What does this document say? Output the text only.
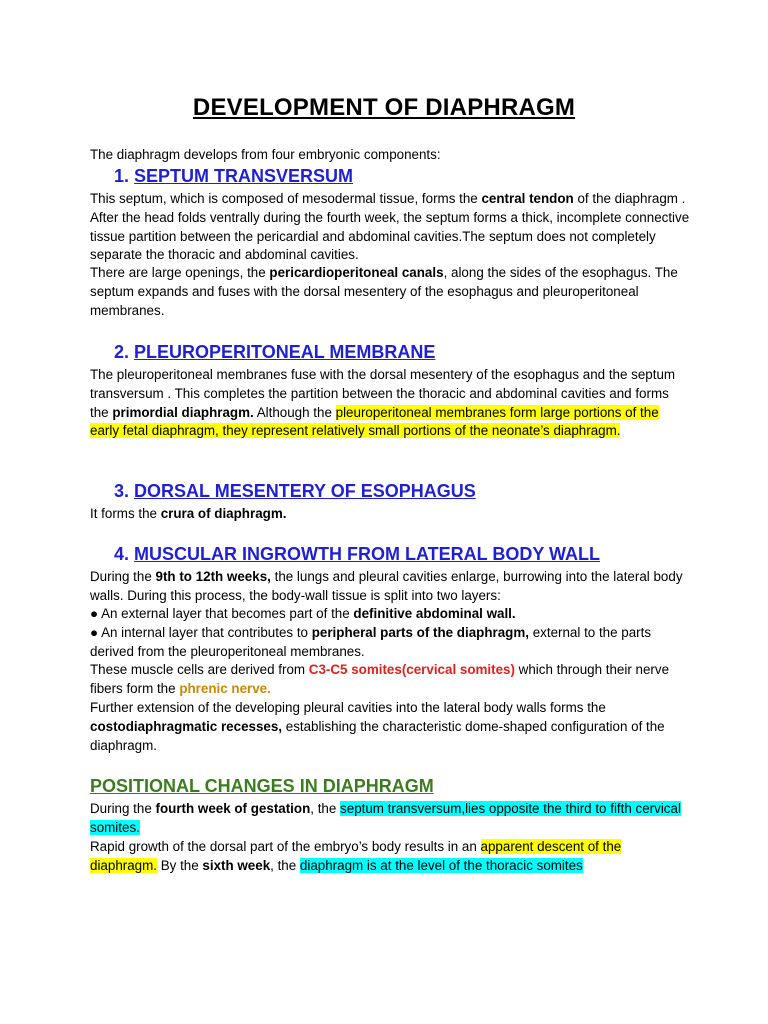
DEVELOPMENT OF DIAPHRAGM

The diaphragm develops from four embryonic components:

1. SEPTUM TRANSVERSUM

This septum, which is composed of mesodermal tissue, forms the central tendon of the diaphragm . After the head folds ventrally during the fourth week, the septum forms a thick, incomplete connective tissue partition between the pericardial and abdominal cavities.The septum does not completely separate the thoracic and abdominal cavities.

There are large openings, the pericardioperitoneal canals, along the sides of the esophagus. The septum expands and fuses with the dorsal mesentery of the esophagus and pleuroperitoneal membranes.

2. PLEUROPERITONEAL MEMBRANE

The pleuroperitoneal membranes fuse with the dorsal mesentery of the esophagus and the septum transversum . This completes the partition between the thoracic and abdominal cavities and forms the primordial diaphragm. Although the pleuroperitoneal membranes form large portions of the early fetal diaphragm, they represent relatively small portions of the neonate’s diaphragm.

3. DORSAL MESENTERY OF ESOPHAGUS

It forms the crura of diaphragm.

4. MUSCULAR INGROWTH FROM LATERAL BODY WALL

During the 9th to 12th weeks, the lungs and pleural cavities enlarge, burrowing into the lateral body walls. During this process, the body-wall tissue is split into two layers:

● An external layer that becomes part of the definitive abdominal wall.

● An internal layer that contributes to peripheral parts of the diaphragm, external to the parts derived from the pleuroperitoneal membranes.

These muscle cells are derived from C3-C5 somites(cervical somites) which through their nerve fibers form the phrenic nerve.

Further extension of the developing pleural cavities into the lateral body walls forms the costodiaphragmatic recesses, establishing the characteristic dome-shaped configuration of the diaphragm.

POSITIONAL CHANGES IN DIAPHRAGM

During the fourth week of gestation, the septum transversum,lies opposite the third to fifth cervical somites.

Rapid growth of the dorsal part of the embryo’s body results in an apparent descent of the diaphragm. By the sixth week, the diaphragm is at the level of the thoracic somites
